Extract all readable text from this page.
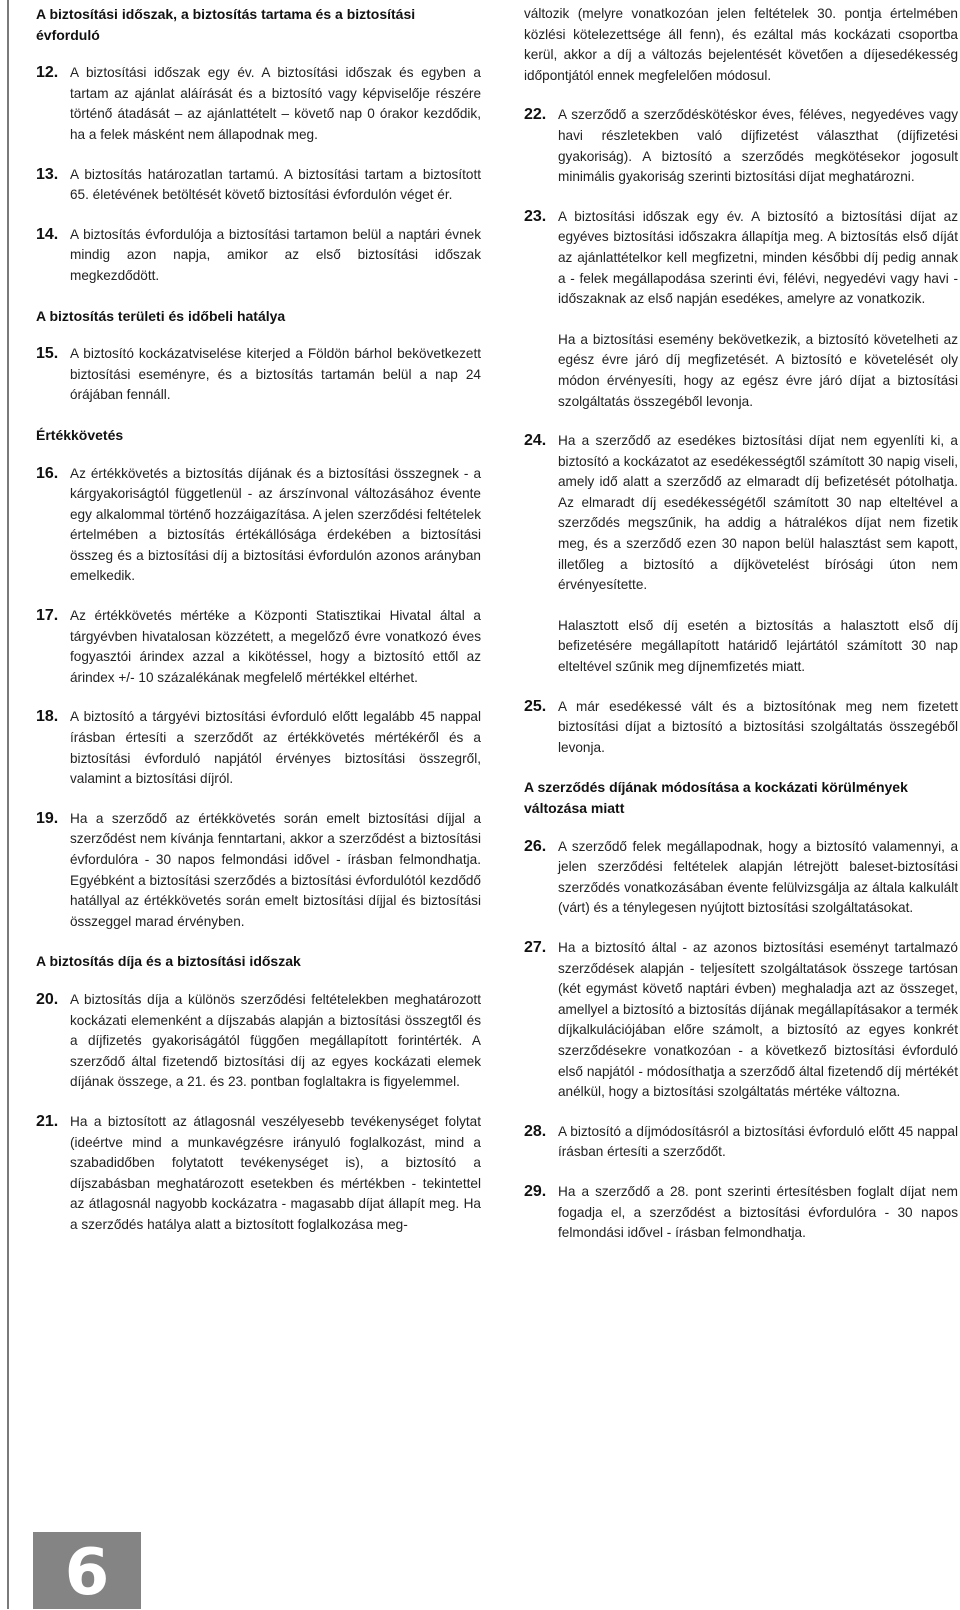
A biztosítási időszak, a biztosítás tartama és a biztosítási évforduló
12. A biztosítási időszak egy év. A biztosítási időszak és egyben a tartam az ajánlat aláírását és a biztosító vagy képviselője részére történő átadását – az ajánlattételt – követő nap 0 órakor kezdődik, ha a felek másként nem állapodnak meg.

13. A biztosítás határozatlan tartamú. A biztosítási tartam a biztosított 65. életévének betöltését követő biztosítási évfordulón véget ér.

14. A biztosítás évfordulója a biztosítási tartamon belül a naptári évnek mindig azon napja, amikor az első biztosítási időszak megkezdődött.

A biztosítás területi és időbeli hatálya
15. A biztosító kockázatviselése kiterjed a Földön bárhol bekövetkezett biztosítási eseményre, és a biztosítás tartamán belül a nap 24 órájában fennáll.

Értékkövetés
16. Az értékkövetés a biztosítás díjának és a biztosítási összegnek - a kárgyakoriságtól függetlenül - az árszínvonal változásához évente egy alkalommal történő hozzáigazítása. A jelen szerződési feltételek értelmében a biztosítás értékállósága érdekében a biztosítási összeg és a biztosítási díj a biztosítási évfordulón azonos arányban emelkedik.

17. Az értékkövetés mértéke a Központi Statisztikai Hivatal által a tárgyévben hivatalosan közzétett, a megelőző évre vonatkozó éves fogyasztói árindex azzal a kikötéssel, hogy a biztosító ettől az árindex +/- 10 százalékának megfelelő mértékkel eltérhet.

18. A biztosító a tárgyévi biztosítási évforduló előtt legalább 45 nappal írásban értesíti a szerződőt az értékkövetés mértékéről és a biztosítási évforduló napjától érvényes biztosítási összegről, valamint a biztosítási díjról.

19. Ha a szerződő az értékkövetés során emelt biztosítási díjjal a szerződést nem kívánja fenntartani, akkor a szerződést a biztosítási évfordulóra - 30 napos felmondási idővel - írásban felmondhatja. Egyébként a biztosítási szerződés a biztosítási évfordulótól kezdődő hatállyal az értékkövetés során emelt biztosítási díjjal és biztosítási összeggel marad érvényben.

A biztosítás díja és a biztosítási időszak
20. A biztosítás díja a különös szerződési feltételekben meghatározott kockázati elemenként a díjszabás alapján a biztosítási összegtől és a díjfizetés gyakoriságától függően megállapított forintérték. A szerződő által fizetendő biztosítási díj az egyes kockázati elemek díjának összege, a 21. és 23. pontban foglaltakra is figyelemmel.

21. Ha a biztosított az átlagosnál veszélyesebb tevékenységet folytat (ideértve mind a munkavégzésre irányuló foglalkozást, mind a szabadidőben folytatott tevékenységet is), a biztosító a díjszabásban meghatározott esetekben és mértékben - tekintettel az átlagosnál nagyobb kockázatra - magasabb díjat állapít meg. Ha a szerződés hatálya alatt a biztosított foglalkozása meg-

változik (melyre vonatkozóan jelen feltételek 30. pontja értelmében közlési kötelezettsége áll fenn), és ezáltal más kockázati csoportba kerül, akkor a díj a változás bejelentését követően a díjesedékesség időpontjától ennek megfelelően módosul.
22. A szerződő a szerződéskötéskor éves, féléves, negyedéves vagy havi részletekben való díjfizetést választhat (díjfizetési gyakoriság). A biztosító a szerződés megkötésekor jogosult minimális gyakoriság szerinti biztosítási díjat meghatározni.

23. A biztosítási időszak egy év. A biztosító a biztosítási díjat az egyéves biztosítási időszakra állapítja meg. A biztosítás első díját az ajánlattételkor kell megfizetni, minden későbbi díj pedig annak a - felek megállapodása szerinti évi, félévi, negyedévi vagy havi - időszaknak az első napján esedékes, amelyre az vonatkozik.

Ha a biztosítási esemény bekövetkezik, a biztosító követelheti az egész évre járó díj megfizetését. A biztosító e követelését oly módon érvényesíti, hogy az egész évre járó díjat a biztosítási szolgáltatás összegéből levonja.

24. Ha a szerződő az esedékes biztosítási díjat nem egyenlíti ki, a biztosító a kockázatot az esedékességtől számított 30 napig viseli, amely idő alatt a szerződő az elmaradt díj befizetését pótolhatja. Az elmaradt díj esedékességétől számított 30 nap elteltével a szerződés megszűnik, ha addig a hátralékos díjat nem fizetik meg, és a szerződő ezen 30 napon belül halasztást sem kapott, illetőleg a biztosító a díjkövetelést bírósági úton nem érvényesítette.

Halasztott első díj esetén a biztosítás a halasztott első díj befizetésére megállapított határidő lejártától számított 30 nap elteltével szűnik meg díjnemfizetés miatt.

25. A már esedékessé vált és a biztosítónak meg nem fizetett biztosítási díjat a biztosító a biztosítási szolgáltatás összegéből levonja.

A szerződés díjának módosítása a kockázati körülmények változása miatt
26. A szerződő felek megállapodnak, hogy a biztosító valamennyi, a jelen szerződési feltételek alapján létrejött baleset-biztosítási szerződés vonatkozásában évente felülvizsgálja az általa kalkulált (várt) és a ténylegesen nyújtott biztosítási szolgáltatásokat.

27. Ha a biztosító által - az azonos biztosítási eseményt tartalmazó szerződések alapján - teljesített szolgáltatások összege tartósan (két egymást követő naptári évben) meghaladja azt az összeget, amellyel a biztosító a biztosítás díjának megállapításakor a termék díjkalkulációjában előre számolt, a biztosító az egyes konkrét szerződésekre vonatkozóan - a következő biztosítási évforduló első napjától - módosíthatja a szerződő által fizetendő díj mértékét anélkül, hogy a biztosítási szolgáltatás mértéke változna.

28. A biztosító a díjmódosításról a biztosítási évforduló előtt 45 nappal írásban értesíti a szerződőt.

29. Ha a szerződő a 28. pont szerinti értesítésben foglalt díjat nem fogadja el, a szerződést a biztosítási évfordulóra - 30 napos felmondási idővel - írásban felmondhatja.

6
